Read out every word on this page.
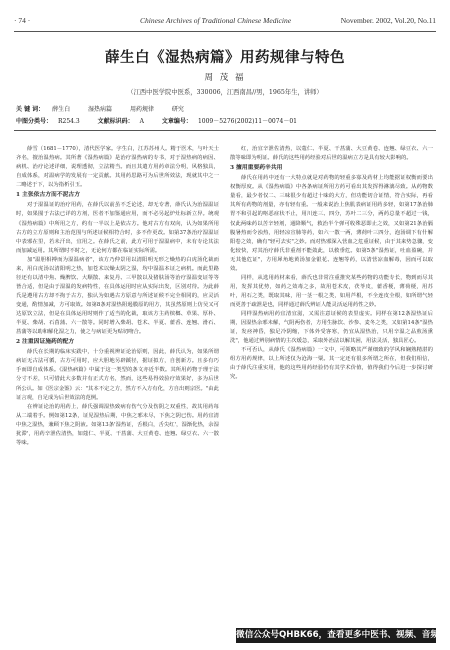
· 74 ·	Chinese Archives of Traditional Chinese Medicine	November. 2002, Vol.20, No.11
薛生白《湿热病篇》用药规律与特色
周 茂 福
（江西中医学院中医系，330006，江西南昌//男，1965年生，讲师）
关 键 词： 薛生白	湿热病篇	用药规律	研究
中图分类号： R254.3	文献标识码： A	文章编号： 1009－5276(2002)11－0074－01

薛雪（1681－1770），清代医学家。字生白，江苏苏州人。精于医术，与叶天士齐名，擅治温热病。其所著《湿热病篇》是治疗湿热病的专书，对于湿热病的病因、病机、治疗论述详细，说理透彻，立法精当。而且其遣方用药章法分明，风格独具，自成体系，对温病学的发展有一定贡献。其用药思路可为后世所效法，现就其中之一二略述于下，以为指析引玉。

1 主张依古方而不泥古方

对于湿温证的治疗用药，在薛氏以前虽不乏论述，却无专著，薛氏认为治湿温证时，如果囿于古法已详的方剂，医者不加鉴通应用，而不必另起炉灶标新立异。统观《湿热病篇》中所用之方，约有一半以上是依古方。他对古方有双向，认为如果所用古方的立方原则和主治范围与所述证候相符合时，多不作更改。如第37条治疗湿温证中表邪在里，若未汗出，宜用之。在薛氏之前，此方可用于湿温病中，未有专论其法而加减运用。其所谓时不时之，无论何方都在临证实际所需。

加"温胆相搏而为湿温病者"，该方乃仲景用以清阳明无形之燥热的白虎汤化裁而来，用白虎汤以清阳明之热，加苍术以燥太阴之湿，均中湿温本证之病机。而此里路径还有以清中焦、燥脾饮、大顺散、来复丹、三甲散以及猪肤汤等治疗湿温变证等等皆合适，但是由于湿温的发病特性，在具体运用时应从实际出发，区别对待。为此薛氏是遵用古方却不拘于古方，独认为如遇古方原意与所述证候不完全相同的，应灵活变通，酌情加减，方可取效。如第8条对湿热阻遏膜原的用方，其虽然原则上仿吴又可达原饮立法，但是在具体运用时则作了适当的化裁，取该方主药槟榔、草果、厚朴、半夏、柴胡、石菖蒲、六一散等。同时增入柴胡、苍术、半夏、藿香、连翘、滑石、菖蒲等以助和解化湿之力，使之与病证更为贴切吻合。

2 注重因证施药的配方

薛氏在长期的临床实践中，十分重视辨证论治原则，因此，薛氏认为，如果所谓病证无古法可循，古方可用时，应大胆地另辟蹊径，据证拟方，自创新方。且多有巧手而即自成体系。《湿热病篇》中属于这一类型的条文亦近半数。其所用药物于理于法分寸不差，只可惜此大多数并有正式方名，然而，这些易得效验疗效果好，多为后世所公认。如《医宗金鉴》云："其本不定之方，然方不入方有化，方自出则宗医。"由此证言观，自足成为后世效法的范例。

在辨证论治的用药上，薛氏强调湿热致病有伤气分及伤阴之双重性，故其用药每从二端着手。例如第12条，证见湿热后期，中焦之邪未尽，下焦之阴已伤。用药宜清中焦之湿热，兼顾下焦之阴液。如第13条'湿热证，舌根白，舌尖红'，湿渐化热，余湿犹滞'，用药辛泄佐清热，如蔻仁、半夏、干菖蒲、大豆黄卷、连翘、绿豆衣、六一散等味。

红，治宜辛泄佐清热，以蔻仁、半夏、干菖蒲、大豆黄卷、连翘、绿豆衣、六一散等味即为明证。薛氏的这些用药经验对后世的温病立方是具有较大影响的。

3 擅用重要药辛共用

薛氏在用药中还有一大特点就是对药物的轻重多寡及药材上均能据证权衡而要出权衡厚度。从《湿热病篇》中各条病证所用方药可看出其发挥得淋漓尽致。从药物数量看，最少者仅二、三味很少有超过十味的大方，但功能切合证情，符合实际，再看其所有药物的剂量，亦有轻有重。一般来说治上焦肌表病证用药多轻，如第17条治肺胃不和引起的呕恶症状不止，用川连三、四分，苏叶二三分，两药总量不超过一钱，仅此两味药以苦辛轻剂，通降顺气，救治半个弹可收殊恶即止之效，又如第21条治膈腹暑热而令浊热，用轻凉宣肺等药，如六一散一两，薄荷叶三四分，泡汤调下有什解阳卷之效，确有"轻可去实"之妙。而对热邪深入营血之危重证候，由于其来势急骤，变化较快，对其治疗薛氏非重剂不能敛此，以救垂危。如第5条"湿热证，吐血盈碗，并无其他危证"，方用犀角地黄汤加金银花、连翘等药，以清营凉血解毒，因而可以取效。

同样，从选用药材来看，薛氏也非常注重推究某些药物的功能专长，物到而尽其用，发挥其优势，如药之效毒之多，故用苍术皮，茯苓皮，藿香梗，薄荷梗，用苏叶，用石之类，既取其味，用一茎一根之类，如用芦根，不全连皮全根，如所谓气轻而更善于疏泄是也，同样通过薛氏辨证人能灵活运用药性之妙。

同样湿热病用药宜清宜滋，又需注意证候的表里虚实。同样在第12条湿热证后期，因湿热余邪未解，气阴两伤者，方用生脉饮、沙参、麦冬之类，又如第14条"湿热证，发痉神昏，独足冷阴缩，下体外受客寒，仍宜从湿热治，只用辛温之品煎汤熏洗"，他通过辨别病情的主次缓急，采取外治法以解其困，用法灵活，独具匠心。

不可否认，从薛氏《湿热病篇》一文中，可领略其严谨细致的学风和娴熟精湛的组方用药规律，以上所述仅为沧海一粟。其一定还有很多所谓之所在，但我们相信，由于薛氏注重实用，他的这些用药经验仍有其学术价值，值得我们今后进一步探讨研究。

微信公众号QHBK66，查看更多中医书、视频、音频
